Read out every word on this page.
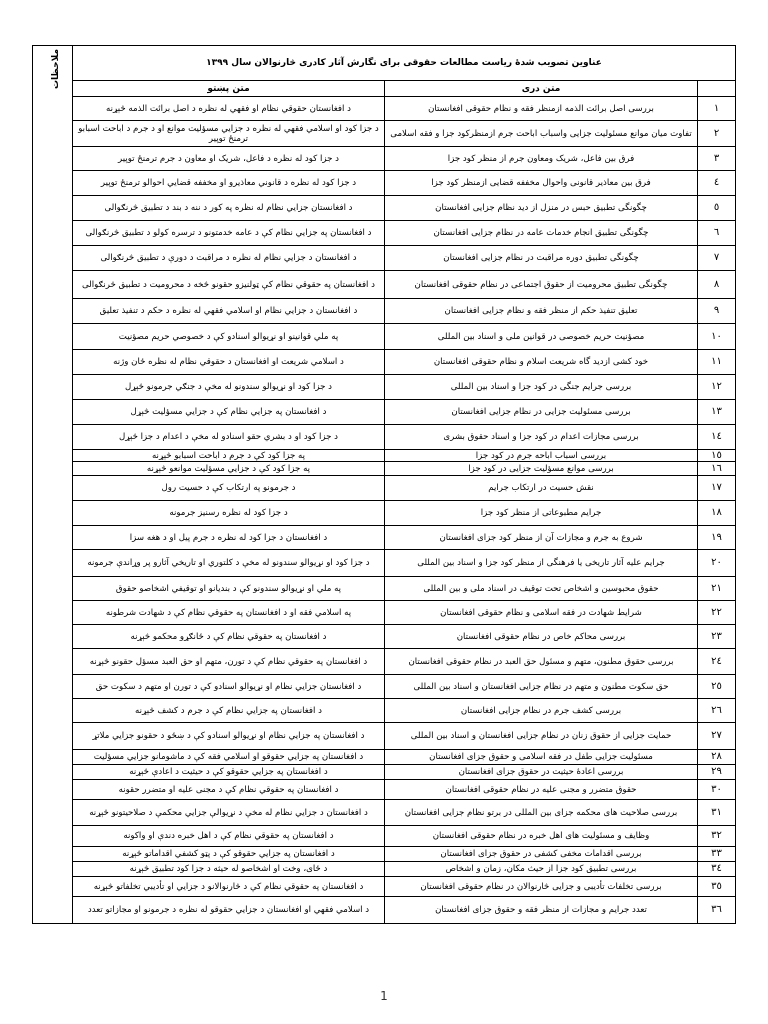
ملاحظات	عناوین تصویب شدهٔ ریاست مطالعات حقوقی برای نگارش آثار کادری څارنوالان سال ۱۳۹۹	
	متن پښتو	متن دری		
	د افغانستان حقوقي نظام او فقهي له نظره د اصل برائت الذمه څېړنه	بررسی اصل برائت الذمه ازمنظر فقه و نظام حقوقی افغانستان	۱	
	د جزا کود او اسلامي فقهي له نظره د جزايي مسؤليت موانع او د جرم د اباحت اسبابو ترمنځ توپير	تفاوت میان موانع مسئولیت جزایی واسباب اباحت جرم ازمنظرکود جزا و فقه اسلامی	۲	
	د جزا کود له نظره د فاعل، شريک او معاون د جرم ترمنځ توپير	فرق بین فاعل، شریک ومعاون جرم از منظر کود جزا	۳	
	د جزا کود له نظره د قانوني معاذيرو او مخففه قضايي احوالو ترمنځ توپير	فرق بین معاذیر قانونی واحوال مخففه قضایی ازمنظر کود جزا	٤	
	د افغانستان جزايي نظام له نظره په کور د ننه د بند د تطبيق څرنګوالی	چگونگی تطبیق حبس در منزل از دید نظام جزایی افغانستان	٥	
	د افغانستان په جزايي نظام کې د عامه خدمتونو د ترسره کولو د تطبيق څرنګوالی	چگونگی تطبیق انجام خدمات عامه در نظام جزایی افغانستان	٦	
	د افغانستان د جزايي نظام له نظره د مراقبت د دورې د تطبيق څرنګوالی	چگونگی تطبیق دوره مراقبت در نظام جزایی افغانستان	۷	
	د افغانستان په حقوقي نظام کې ټولنيزو حقونو څخه د محروميت د تطبيق څرنګوالی	چگونگی تطبیق محرومیت از حقوق اجتماعی در نظام حقوقی افغانستان	۸	
	د افغانستان د جزايي نظام او اسلامي فقهي له نظره د حکم د تنفيذ تعليق	تعلیق تنفیذ حکم از منظر فقه و نظام جزایی افغانستان	۹	
	په ملي قوانينو او نړيوالو اسنادو کې د خصوصي حريم مصؤنيت	مصؤنیت حریم خصوصی در قوانین ملی و اسناد بین المللی	۱۰	
	د اسلامي شريعت او افغانستان د حقوقي نظام له نظره ځان وژنه	خود کشی ازدید گاه شریعت اسلام و نظام حقوقی افغانستان	۱۱	
	د جزا کود او نړيوالو سندونو له مخې د جنګي جرمونو څېړل	بررسی جرایم جنگی در کود جزا و اسناد بین المللی	۱۲	
	د افغانستان په جزايي نظام کې د جزايي مسؤليت څېړل	بررسی مسئولیت جزایی در نظام جزایی افغانستان	۱۳	
	د جزا کود او د بشري حقو اسنادو له مخې د اعدام د جزا څېړل	بررسی مجازات اعدام در کود جزا و اسناد حقوق بشری	۱٤	
	په جزا کود کې د جرم د اباحت اسبابو څېړنه	بررسی اسباب اباحه جرم در کود جزا	۱٥	
	په جزا کود کې د جزايي مسؤليت موانعو څېړنه	بررسی موانع مسؤلیت جزایی در کود جزا	۱٦	
	د جرمونو په ارتکاب کې د حسيت رول	نقش حسیت در ارتکاب جرایم	۱۷	
	د جزا کود له نظره رسنيز جرمونه	جرایم مطبوعاتی از منظر کود جزا	۱۸	
	د افغانستان د جزا کود له نظره د جرم پيل او د هغه سزا	شروع به جرم و مجازات آن از منظر کود جزای افغانستان	۱۹	
	د جزا کود او نړيوالو سندونو له مخې د کلتوري او تاريخي آثارو پر وړاندې جرمونه	جرایم علیه آثار تاریخی یا فرهنگی از منظر کود جزا و اسناد بین المللی	۲۰	
	په ملي او نړيوالو سندونو کې د بنديانو او توقيفي اشخاصو حقوق	حقوق محبوسین و اشخاص تحت توقیف در اسناد ملی و بین المللی	۲۱	
	په اسلامي فقه او د افغانستان په حقوقي نظام کې د شهادت شرطونه	شرایط شهادت در فقه اسلامی و نظام حقوقی افغانستان	۲۲	
	د افغانستان په حقوقي نظام کې د ځانګړو محکمو څېړنه	بررسی محاکم خاص در نظام حقوقی افغانستان	۲۳	
	د افغانستان په حقوقي نظام کې د تورن، متهم او حق العبد مسؤل حقونو څېړنه	بررسی حقوق مطنون، متهم و مسئول حق العبد در نظام حقوقی افغانستان	۲٤	
	د افغانستان جزايي نظام او نړيوالو اسنادو کې د تورن او متهم د سکوت حق	حق سکوت مطنون و متهم در نظام جزایی افغانستان و اسناد بین المللی	۲٥	
	د افغانستان په جزايي نظام کې د جرم د کشف څېړنه	بررسی کشف جرم در نظام جزایی افغانستان	۲٦	
	د افغانستان په جزايي نظام او نړيوالو اسنادو کې د ښځو د حقونو جزايي ملاتړ	حمایت جزایی از حقوق زنان در نظام جزایی افغانستان و اسناد بین المللی	۲۷	
	د افغانستان په جزايي حقوقو او اسلامي فقه کې د ماشومانو جزايي مسؤليت	مسئولیت جزایی طفل در فقه اسلامی و حقوق جزای افغانستان	۲۸	
	د افغانستان په جزايي حقوقو کې د حيثيت د اعادې څېړنه	بررسی اعادهٔ حیثیت در حقوق جزای افغانستان	۲۹	
	د افغانستان په حقوقي نظام کې د مجنی عليه او متضرر حقونه	حقوق متضرر و مجنی علیه در نظام حقوقی افغانستان	۳۰	
	د افغانستان د جزايي نظام له مخې د نړيوالې جزايي محکمې د صلاحيتونو څېړنه	بررسی صلاحیت های محکمه جزای بین المللی در برتو نظام جزایی افغانستان	۳۱	
	د افغانستان په حقوقي نظام کې د اهل خبره دندې او واکونه	وظایف و مسئولیت های اهل خبره در نظام حقوقی افغانستان	۳۲	
	د افغانستان په جزايي حقوقو کې د پټو کشفي اقداماتو څېړنه	بررسی اقدامات مخفی کشفی در حقوق جزای افغانستان	۳۳	
	د ځای، وخت او اشخاصو له حيثه د جزا کود تطبيق څېړنه	بررسی تطبیق کود جزا از حیث مکان، زمان و اشخاص	۳٤	
	د افغانستان په حقوقي نظام کې د څارنوالانو د جزايي او تأديبي تخلفاتو څېړنه	بررسی تخلفات تأدیبی و جزایی څارنوالان در نظام حقوقی افغانستان	۳٥	
	د اسلامي فقهي او افغانستان د جزايي حقوقو له نظره د جرمونو او مجازاتو تعدد	تعدد جرایم و مجازات از منظر فقه و حقوق جزای افغانستان	۳٦	
1
